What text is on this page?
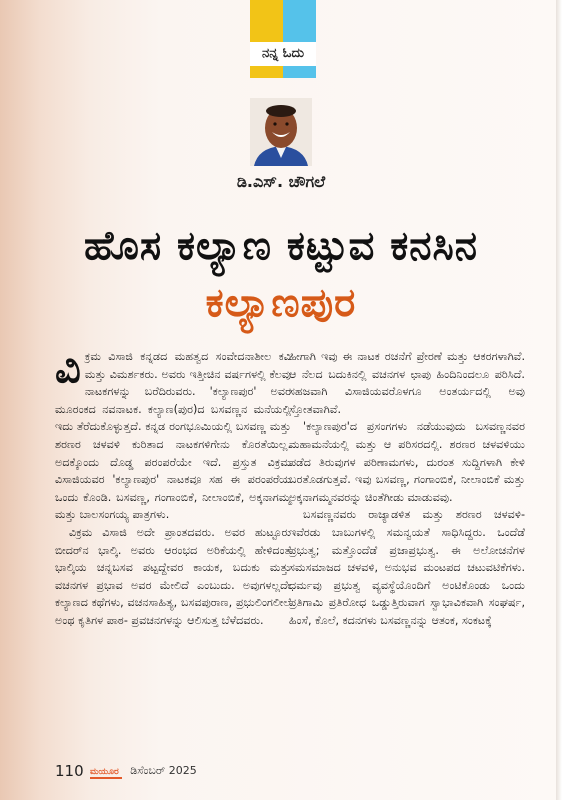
ನನ್ನ ಓದು
ಡಿ.ಎಸ್. ಚೌಗಲೆ
ಹೊಸ ಕಲ್ಯಾಣ ಕಟ್ಟುವ ಕನಸಿನ
ಕಲ್ಯಾಣಪುರ

ವಿಕ್ರಮ ವಿಸಾಜಿ ಕನ್ನಡದ ಮಹತ್ವದ ಸಂವೇದನಾಶೀಲ ಕವಿ ಮತ್ತು ವಿಮರ್ಶಕರು. ಅವರು ಇತ್ತೀಚಿನ ವರ್ಷಗಳಲ್ಲಿ ಕೆಲವು ನಾಟಕಗಳನ್ನು ಬರೆದಿರುವರು. 'ಕಲ್ಯಾಣಪುರ' ಅವರ ಮೂರಂಕದ ನವನಾಟಕ. ಕಲ್ಯಾಣ(ಪುರ)ದ ಬಸವಣ್ಣನ ಮನೆಯಲ್ಲಿ ಇದು ತೆರೆದುಕೊಳ್ಳುತ್ತದೆ. ಕನ್ನಡ ರಂಗಭೂಮಿಯಲ್ಲಿ ಬಸವಣ್ಣ ಮತ್ತು ಶರಣರ ಚಳವಳಿ ಕುರಿತಾದ ನಾಟಕಗಳಿಗೇನು ಕೊರತೆಯಿಲ್ಲ. ಅದಕ್ಕೊಂದು ದೊಡ್ಡ ಪರಂಪರೆಯೇ ಇದೆ. ಪ್ರಸ್ತುತ ವಿಕ್ರಮ ವಿಸಾಜಿಯವರ 'ಕಲ್ಯಾಣಪುರ' ನಾಟಕವೂ ಸಹ ಈ ಪರಂಪರೆಯ ಒಂದು ಕೊಂಡಿ. ಬಸವಣ್ಣ, ಗಂಗಾಂಬಿಕೆ, ನೀಲಾಂಬಿಕೆ, ಅಕ್ಕನಾಗಮ್ಮ ಮತ್ತು ಬಾಲಸಂಗಯ್ಯ ಪಾತ್ರಗಳು.

ವಿಕ್ರಮ ವಿಸಾಜಿ ಅದೇ ಪ್ರಾಂತದವರು. ಅವರ ಹುಟ್ಟೂರು ಬೀದರ್‌ನ ಭಾಲ್ಕಿ. ಅವರು ಆರಂಭದ ಅರಿಕೆಯಲ್ಲಿ ಹೇಳಿದಂತೆ ಭಾಲ್ಕಿಯ ಚನ್ನಬಸವ ಪಟ್ಟದ್ದೇವರ ಕಾಯಕ, ಬದುಕು ಮತ್ತು ವಚನಗಳ ಪ್ರಭಾವ ಅವರ ಮೇಲಿದೆ ಎಂಬುದು. ಅವುಗಳಲ್ಲದೇ ಕಲ್ಯಾಣದ ಕಥೆಗಳು, ವಚನಸಾಹಿತ್ಯ, ಬಸವಪುರಾಣ, ಪ್ರಭುಲಿಂಗಲೀಲೆ ಅಂಥ ಕೃತಿಗಳ ಪಾಠ- ಪ್ರವಚನಗಳನ್ನು ಆಲಿಸುತ್ತ ಬೆಳೆದವರು.

ಹೀಗಾಗಿ ಇವು ಈ ನಾಟಕ ರಚನೆಗೆ ಪ್ರೇರಣೆ ಮತ್ತು ಆಕರಗಳಾಗಿವೆ. ಆ ನೆಲದ ಬದುಕಿನಲ್ಲಿ ವಚನಗಳ ಛಾಪು ಹಿಂದಿನಿಂದಲೂ ಪರಿಸಿದೆ. ಸಹಜವಾಗಿ ವಿಸಾಜಿಯವರೊಳಗೂ ಅಂತರ್ಯದಲ್ಲಿ ಅವು ಸ್ತೋತವಾಗಿವೆ.

'ಕಲ್ಯಾಣಪುರ'ದ ಪ್ರಸಂಗಗಳು ನಡೆಯುವುದು ಬಸವಣ್ಣನವರ ಮಹಾಮನೆಯಲ್ಲಿ ಮತ್ತು ಆ ಪರಿಸರದಲ್ಲಿ. ಶರಣರ ಚಳವಳಿಯು ಪಡೆದ ತಿರುವುಗಳ ಪರಿಣಾಮಗಳು, ದುರಂತ ಸುದ್ದಿಗಳಾಗಿ ಕೇಳಿ ಬರತೊಡಗುತ್ತವೆ. ಇವು ಬಸವಣ್ಣ, ಗಂಗಾಂಬಿಕೆ, ನೀಲಾಂಬಿಕೆ ಮತ್ತು ಅಕ್ಕನಾಗಮ್ಮನವರನ್ನು ಚಿಂತೆಗೀಡು ಮಾಡುವವು.

ಬಸವಣ್ಣನವರು ರಾಜ್ಯಾಡಳಿತ ಮತ್ತು ಶರಣರ ಚಳವಳಿ- ಇವೆರಡು ಬಾಬುಗಳಲ್ಲಿ ಸಮನ್ವಯತೆ ಸಾಧಿಸಿದ್ದರು. ಒಂದೆಡೆ ಪ್ರಭುತ್ವ; ಮತ್ತೊಂದೆಡೆ ಪ್ರಜಾಪ್ರಭುತ್ವ. ಈ ಅಲೋಚನೆಗಳ ಸಮಸಮಾಜದ ಚಳವಳಿ, ಅನುಭವ ಮಂಟಪದ ಚಟುವಟಿಕೆಗಳು. ಧರ್ಮವು ಪ್ರಭುತ್ವ ವ್ಯವಸ್ಥೆಯೊಂದಿಗೆ ಅಂಟಿಕೊಂಡು ಒಂದು ಪ್ರತಿಗಾಮಿ ಪ್ರತಿರೋಧ ಒಡ್ಡುತ್ತಿರುವಾಗ ಸ್ವಾಭಾವಿಕವಾಗಿ ಸಂಘರ್ಷ, ಹಿಂಸೆ, ಕೊಲೆ, ಕದನಗಳು ಬಸವಣ್ಣನನ್ನು ಆತಂಕ, ಸಂಕಟಕ್ಕೆ

110 ಮಯೂರ ಡಿಸೆಂಬರ್ 2025
